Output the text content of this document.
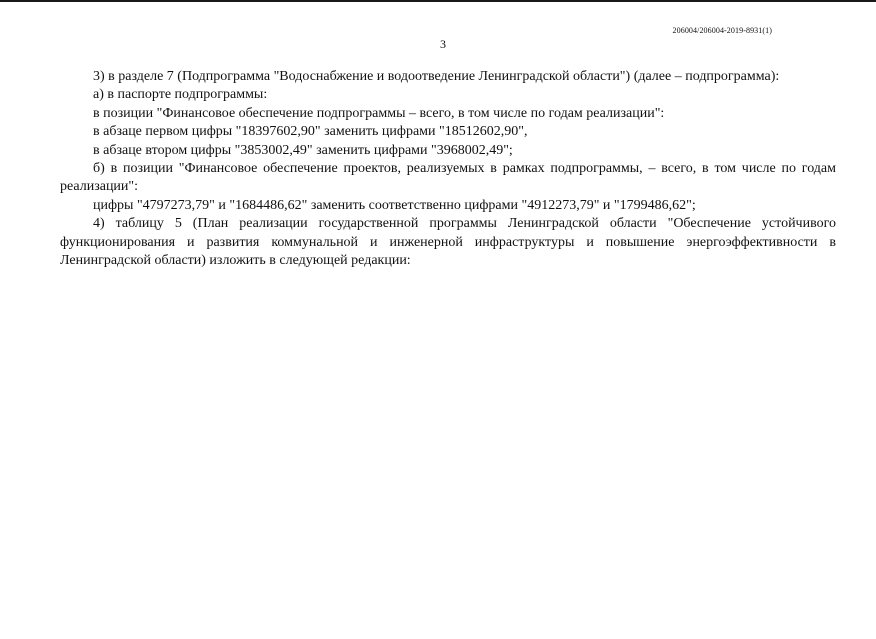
206004/206004-2019-8931(1)
3

3) в разделе 7 (Подпрограмма "Водоснабжение и водоотведение Ленинградской области") (далее – подпрограмма):

а) в паспорте подпрограммы:

в позиции "Финансовое обеспечение подпрограммы – всего, в том числе по годам реализации":

в абзаце первом цифры "18397602,90" заменить цифрами "18512602,90",

в абзаце втором цифры "3853002,49" заменить цифрами "3968002,49";

б) в позиции "Финансовое обеспечение проектов, реализуемых в рамках подпрограммы, – всего, в том числе по годам реализации":

цифры "4797273,79" и "1684486,62" заменить соответственно цифрами "4912273,79" и "1799486,62";

4) таблицу 5 (План реализации государственной программы Ленинградской области "Обеспечение устойчивого функционирования и развития коммунальной и инженерной инфраструктуры и повышение энергоэффективности в Ленинградской области) изложить в следующей редакции:
